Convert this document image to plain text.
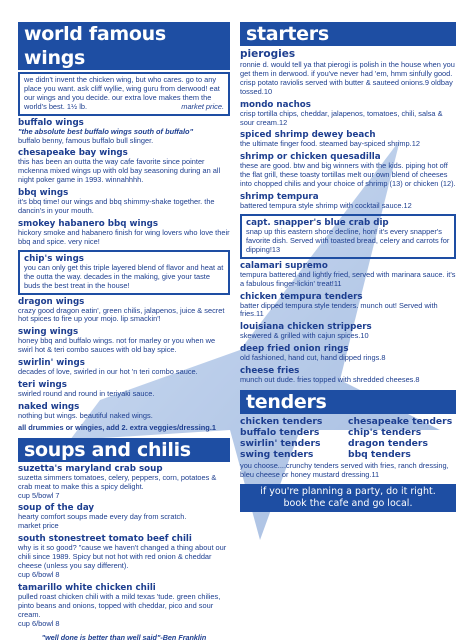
world famous wings
we didn't invent the chicken wing, but who cares. go to any place you want. ask cliff wyllie, wing guru from derwood! eat our wings and you decide. our extra love makes them the world's best. 1½ lb.	market price.
buffalo wings
"the absolute best buffalo wings south of buffalo"
buffalo benny, famous buffalo bull slinger.
chesapeake bay wings
this has been an outta the way cafe favorite since pointer mckenna mixed wings up with old bay seasoning during an all night poker game in 1993. winnahhhh.
bbq wings
it's bbq time! our wings and bbq shimmy-shake together. the dancin's in your mouth.
smokey habanero bbq wings
hickory smoke and habanero finish for wing lovers who love their bbq and spice. very nice!
chip's wings
you can only get this triple layered blend of flavor and heat at the outta the way. decades in the making, give your taste buds the best treat in the house!
dragon wings
crazy good dragon eatin', green chilis, jalapenos, juice & secret hot spices to fire up your mojo. lip smackin'!
swing wings
honey bbq and buffalo wings. not for marley or you when we swirl hot & teri combo sauces with old bay spice.
swirlin' wings
decades of love, swirled in our hot 'n teri combo sauce.
teri wings
swirled round and round in teriyaki sauce.
naked wings
nothing but wings. beautiful naked wings.
all drummies or wingies, add 2. extra veggies/dressing.1
soups and chilis
suzetta's maryland crab soup
suzetta simmers tomatoes, celery, peppers, corn, potatoes & crab meat to make this a spicy delight.
cup 5/bowl 7
soup of the day
hearty comfort soups made every day from scratch.
market price
south stonestreet tomato beef chili
why is it so good? "cause we haven't changed a thing about our chili since 1989. Spicy but not hot with red onion & cheddar cheese (unless you say different).
cup 6/bowl 8
tamarillo white chicken chili
pulled roast chicken chili with a mild texas 'tude. green chilies, pinto beans and onions, topped with cheddar, pico and sour cream.
cup 6/bowl 8
"well done is better than well said"-Ben Franklin
starters
pierogies
ronnie d. would tell ya that pierogi is polish in the house when you get them in derwood. if you've never had 'em, hmm sinfully good. crisp potato raviolis served with butter & sauteed onions.9 oldbay tossed.10
mondo nachos
crisp tortilla chips, cheddar, jalapenos, tomatoes, chili, salsa & sour cream.12
spiced shrimp dewey beach
the ultimate finger food. steamed bay-spiced shrimp.12
shrimp or chicken quesadilla
these are good. btw and big winners with the kids. piping hot off the flat grill, these toasty tortillas melt our own blend of cheeses into chopped chilis and your choice of shrimp (13) or chicken (12).
shrimp tempura
battered tempura style shrimp with cocktail sauce.12
capt. snapper's blue crab dip
snap up this eastern shore decline, hon! it's every snapper's favorite dish. Served with toasted bread, celery and carrots for dipping!13
calamari supremo
tempura battered and lightly fried, served with marinara sauce. it's a fabulous finger-lickin' treat!11
chicken tempura tenders
batter dipped tempura style tenders. munch out! Served with fries.11
louisiana chicken strippers
skewered & grilled with cajun spices.10
deep fried onion rings
old fashioned, hand cut, hand dipped rings.8
cheese fries
munch out dude. fries topped with shredded cheeses.8
tenders
chicken tenders	chesapeake tenders
buffalo tenders	chip's tenders
swirlin' tenders	dragon tenders
swing tenders	bbq tenders
you choose....crunchy tenders served with fries, ranch dressing, bleu cheese or honey mustard dressing.11
if you're planning a party, do it right.
book the cafe and go local.
